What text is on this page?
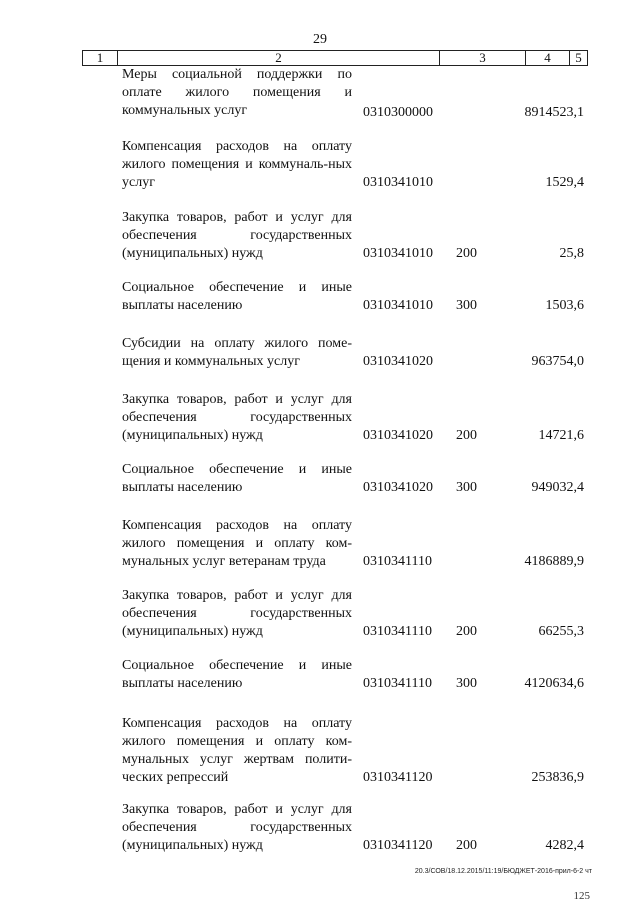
29
1	2	3	4	5
Меры социальной поддержки по оплате жилого помещения и коммунальных услуг	0310300000	8914523,1
Компенсация расходов на оплату жилого помещения и коммуналь-ных услуг	0310341010	1529,4
Закупка товаров, работ и услуг для обеспечения государственных (муниципальных) нужд	0310341010 200	25,8
Социальное обеспечение и иные выплаты населению	0310341010 300	1503,6
Субсидии на оплату жилого поме-щения и коммунальных услуг	0310341020	963754,0
Закупка товаров, работ и услуг для обеспечения государственных (муниципальных) нужд	0310341020 200	14721,6
Социальное обеспечение и иные выплаты населению	0310341020 300	949032,4
Компенсация расходов на оплату жилого помещения и оплату ком-мунальных услуг ветеранам труда	0310341110	4186889,9
Закупка товаров, работ и услуг для обеспечения государственных (муниципальных) нужд	0310341110 200	66255,3
Социальное обеспечение и иные выплаты населению	0310341110 300	4120634,6
Компенсация расходов на оплату жилого помещения и оплату ком-мунальных услуг жертвам полити-ческих репрессий	0310341120	253836,9
Закупка товаров, работ и услуг для обеспечения государственных (муниципальных) нужд	0310341120 200	4282,4
20.3/СОВ/18.12.2015/11:19/БЮДЖЕТ-2016-прил-6-2 чт
125
